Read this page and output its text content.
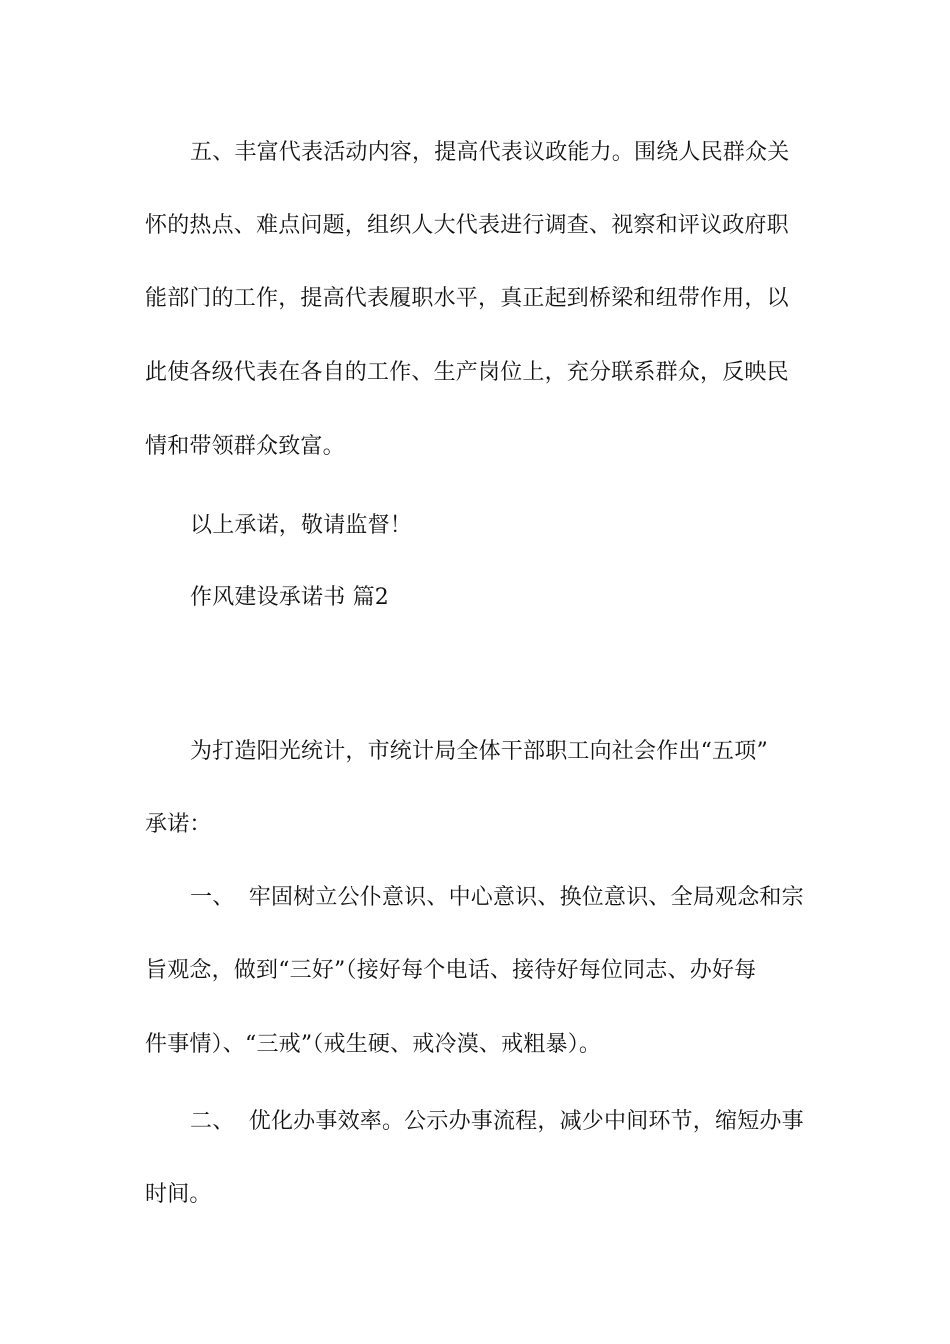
五、丰富代表活动内容，提高代表议政能力。围绕人民群众关
怀的热点、难点问题，组织人大代表进行调查、视察和评议政府职
能部门的工作，提高代表履职水平，真正起到桥梁和纽带作用，以
此使各级代表在各自的工作、生产岗位上，充分联系群众，反映民
情和带领群众致富。
以上承诺，敬请监督！
作风建设承诺书 篇2
为打造阳光统计，市统计局全体干部职工向社会作出“五项”
承诺：
一、  牢固树立公仆意识、中心意识、换位意识、全局观念和宗
旨观念，做到“三好”（接好每个电话、接待好每位同志、办好每
件事情）、“三戒”（戒生硬、戒冷漠、戒粗暴）。
二、  优化办事效率。公示办事流程，减少中间环节，缩短办事
时间。
